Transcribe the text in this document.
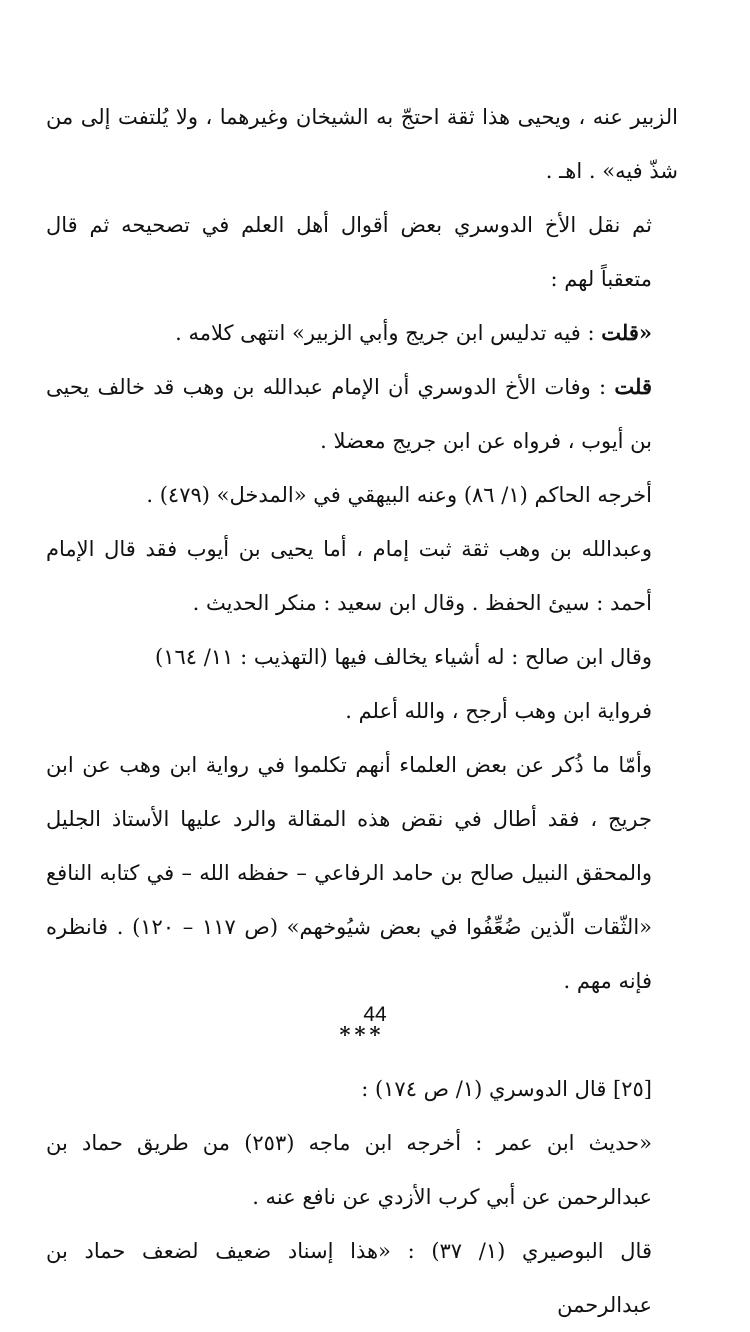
الزبير عنه ، ويحيى هذا ثقة احتجّ به الشيخان وغيرهما ، ولا يُلتفت إلى من شذّ فيه» . اهـ .

ثم نقل الأخ الدوسري بعض أقوال أهل العلم في تصحيحه ثم قال متعقباً لهم :

«قلت : فيه تدليس ابن جريج وأبي الزبير» انتهى كلامه .

قلت : وفات الأخ الدوسري أن الإمام عبدالله بن وهب قد خالف يحيى بن أيوب ، فرواه عن ابن جريج معضلا .

أخرجه الحاكم (١/ ٨٦) وعنه البيهقي في «المدخل» (٤٧٩) .

وعبدالله بن وهب ثقة ثبت إمام ، أما يحيى بن أيوب فقد قال الإمام أحمد : سيئ الحفظ . وقال ابن سعيد : منكر الحديث .

وقال ابن صالح : له أشياء يخالف فيها (التهذيب : ١١/ ١٦٤)

فرواية ابن وهب أرجح ، والله أعلم .

وأمّا ما ذُكر عن بعض العلماء أنهم تكلموا في رواية ابن وهب عن ابن جريج ، فقد أطال في نقض هذه المقالة والرد عليها الأستاذ الجليل والمحقق النبيل صالح بن حامد الرفاعي – حفظه الله – في كتابه النافع «الثّقات الّذين ضُعِّفُوا في بعض شيُوخهم» (ص ١١٧ – ١٢٠) . فانظره فإنه مهم .

***

[٢٥] قال الدوسري (١/ ص ١٧٤) :

«حديث ابن عمر : أخرجه ابن ماجه (٢٥٣) من طريق حماد بن عبدالرحمن عن أبي كرب الأزدي عن نافع عنه .

قال البوصيري (١/ ٣٧) : «هذا إسناد ضعيف لضعف حماد بن عبدالرحمن

44
